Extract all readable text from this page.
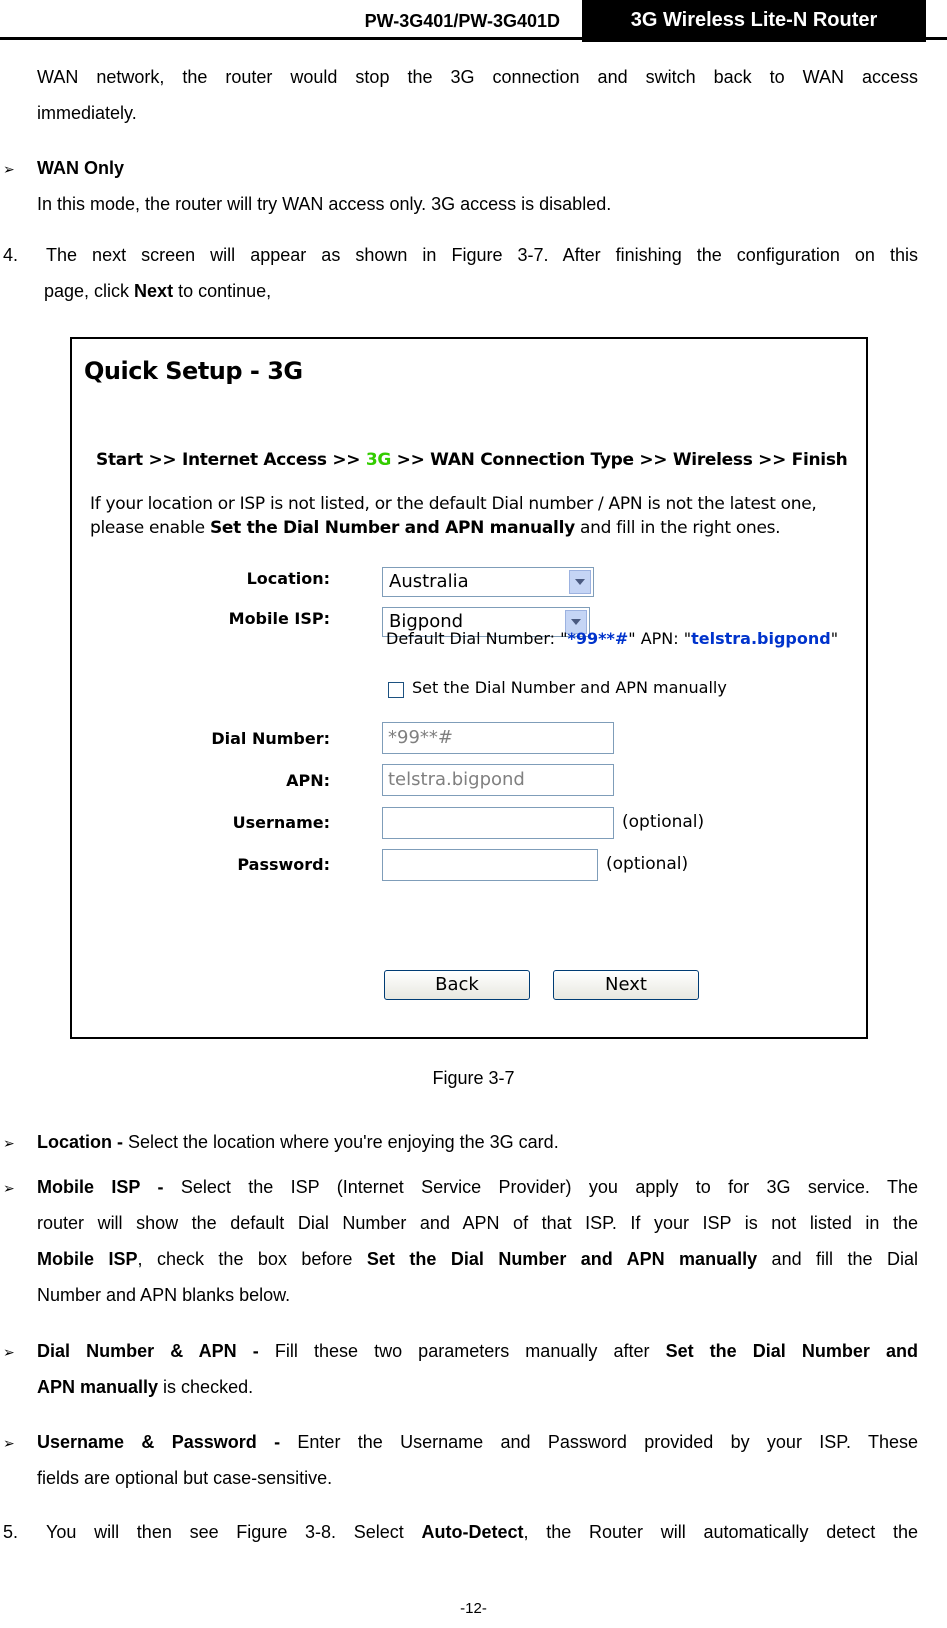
PW-3G401/PW-3G401D	3G Wireless Lite-N Router
WAN network, the router would stop the 3G connection and switch back to WAN access
immediately.
➢ WAN Only
In this mode, the router will try WAN access only. 3G access is disabled.
4. The next screen will appear as shown in Figure 3-7. After finishing the configuration on this
page, click Next to continue,
Quick Setup - 3G
Start >> Internet Access >> 3G >> WAN Connection Type >> Wireless >> Finish
If your location or ISP is not listed, or the default Dial number / APN is not the latest one,
please enable Set the Dial Number and APN manually and fill in the right ones.
Location:	Australia
Mobile ISP:	Bigpond
Default Dial Number: "*99**#" APN: "telstra.bigpond"
Set the Dial Number and APN manually
Dial Number:	*99**#
APN:	telstra.bigpond
Username:	(optional)
Password:	(optional)
Back	Next
Figure 3-7
➢ Location - Select the location where you're enjoying the 3G card.
➢ Mobile ISP - Select the ISP (Internet Service Provider) you apply to for 3G service. The
router will show the default Dial Number and APN of that ISP. If your ISP is not listed in the
Mobile ISP, check the box before Set the Dial Number and APN manually and fill the Dial
Number and APN blanks below.
➢ Dial Number & APN - Fill these two parameters manually after Set the Dial Number and
APN manually is checked.
➢ Username & Password - Enter the Username and Password provided by your ISP. These
fields are optional but case-sensitive.
5. You will then see Figure 3-8. Select Auto-Detect, the Router will automatically detect the
-12-
